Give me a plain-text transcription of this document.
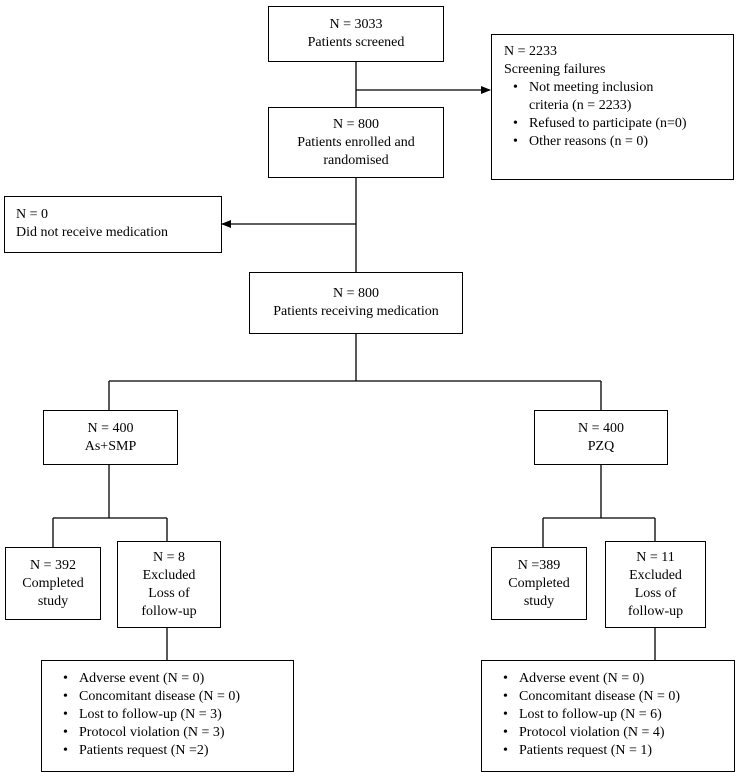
N = 3033

Patients screened

N = 2233

Screening failures

• Not meeting inclusion criteria (n = 2233)
• Refused to participate (n=0)
• Other reasons (n = 0)

N = 800

Patients enrolled and

randomised

N = 0

Did not receive medication

N = 800

Patients receiving medication

N = 400

As+SMP

N = 392

Completed

study

N = 8

Excluded

Loss of

follow-up

• Adverse event (N = 0)
• Concomitant disease (N = 0)
• Lost to follow-up (N = 3)
• Protocol violation (N = 3)
• Patients request (N =2)

N = 400

PZQ

N =389

Completed

study

N = 11

Excluded

Loss of

follow-up

• Adverse event (N = 0)
• Concomitant disease (N = 0)
• Lost to follow-up (N = 6)
• Protocol violation (N = 4)
• Patients request (N = 1)
